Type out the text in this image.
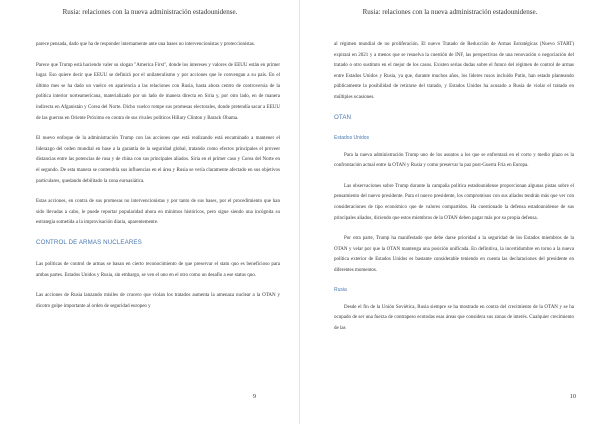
Rusia: relaciones con la nueva administración estadounidense.

parece pensada, dado que ha de responder internamente ante una bases no intervencionistas y proteccionistas.

Parece que Trump está haciendo valer su slogan "America First", donde los intereses y valores de EEUU están en primer lugar. Eso quiere decir que EEUU se definirá por el unilateralismo y por acciones que le convengan a su país. En el último mes se ha dado un vuelco en apariencia a las relaciones con Rusia, hasta ahora centro de controversia de la política interior norteamericana, materializado por un lado de manera directa en Siria y, por otro lado, en de manera indirecta en Afganistán y Corea del Norte. Dicho vuelco rompe sus promesas electorales, donde pretendía sacar a EEUU de las guerras en Oriente Próximo en contra de sus rivales políticos Hillary Clinton y Barack Obama.

El nuevo enfoque de la administración Trump con las acciones que está realizando está encaminado a mantener el liderazgo del orden mundial en base a la garantía de la seguridad global, tratando como efectos principales el proveer distancias entre las potencias de rusa y de china con sus principales aliados. Siria en el primer caso y Corea del Norte en el segundo. De esta manera se contendría sus influencias en el área y Rusia se vería claramente afectado en sus objetivos particulares, quedando debilitado la zona euroasiática.

Estas acciones, en contra de sus promesas no intervencionistas y por tanto de sus bases, por el procedimiento que han sido llevadas a cabo, le puede reportar popularidad ahora en mínimos históricos, pero sigue siendo una incógnita su estrategia sometida a la improvisación diaria, aparentemente.

CONTROL DE ARMAS NUCLEARES

Las políticas de control de armas se basan en cierto reconocimiento de que preservar el statu quo es beneficioso para ambas partes. Estados Unidos y Rusia, sin embargo, se ven el uno en el otro como un desafío a ese status quo.

Las acciones de Rusia lanzando misiles de crucero que violan los tratados aumenta la amenaza nuclear a la OTAN y dicotro golpe importante al orden de seguridad europeo y

9
Rusia: relaciones con la nueva administración estadounidense.

al régimen mundial de no proliferación. El nuevo Tratado de Reducción de Armas Estratégicas (Nuevo START) expirará en 2021 y a menos que se resuelva la cuestión de INF, las perspectivas de una renovación o negociación del tratado o otro sustituto en el mejor de los casos. Existen serias dudas sobre el futuro del régimen de control de armas entre Estados Unidos y Rusia, ya que, durante muchos años, los líderes rusos incluido Putin, han estado planteando públicamente la posibilidad de retirarse del tratado, y Estados Unidos ha acusado a Rusia de violar el tratado en múltiples ocasiones.

OTAN
Estados Unidos

Para la nueva administración Trump uno de los asuntos a los que se enfrentará en el corto y medio plazo es la confrontación actual entre la OTAN y Rusia y como preservar la paz post-Guerra Fría en Europa.

Las observaciones sobre Trump durante la campaña política estadounidense proporcionan algunas pistas sobre el pensamiento del nuevo presidente. Para el nuevo presidente, los compromisos con sus aliados tendrán más que ver con consideraciones de tipo económico que de valores compartidos. Ha cuestionado la defensa estadounidense de sus principales aliados, diciendo que estos miembros de la OTAN deben pagar más por su propia defensa.

Por otra parte, Trump ha manifestado que debe darse prioridad a la seguridad de los Estados miembros de la OTAN y velar por que la OTAN mantenga una posición unificada. En definitiva, la incertidumbre en torno a la nueva política exterior de Estados Unidos es bastante considerable teniendo en cuenta las declaraciones del presidente en diferentes momentos.

Rusia

Desde el fin de la Unión Soviética, Rusia siempre se ha mostrado en contra del crecimiento de la OTAN y se ha ocupado de ser una fuerza de contrapeso ecotodas esas áreas que considera sus zonas de interés. Cualquier crecimiento de las

10
